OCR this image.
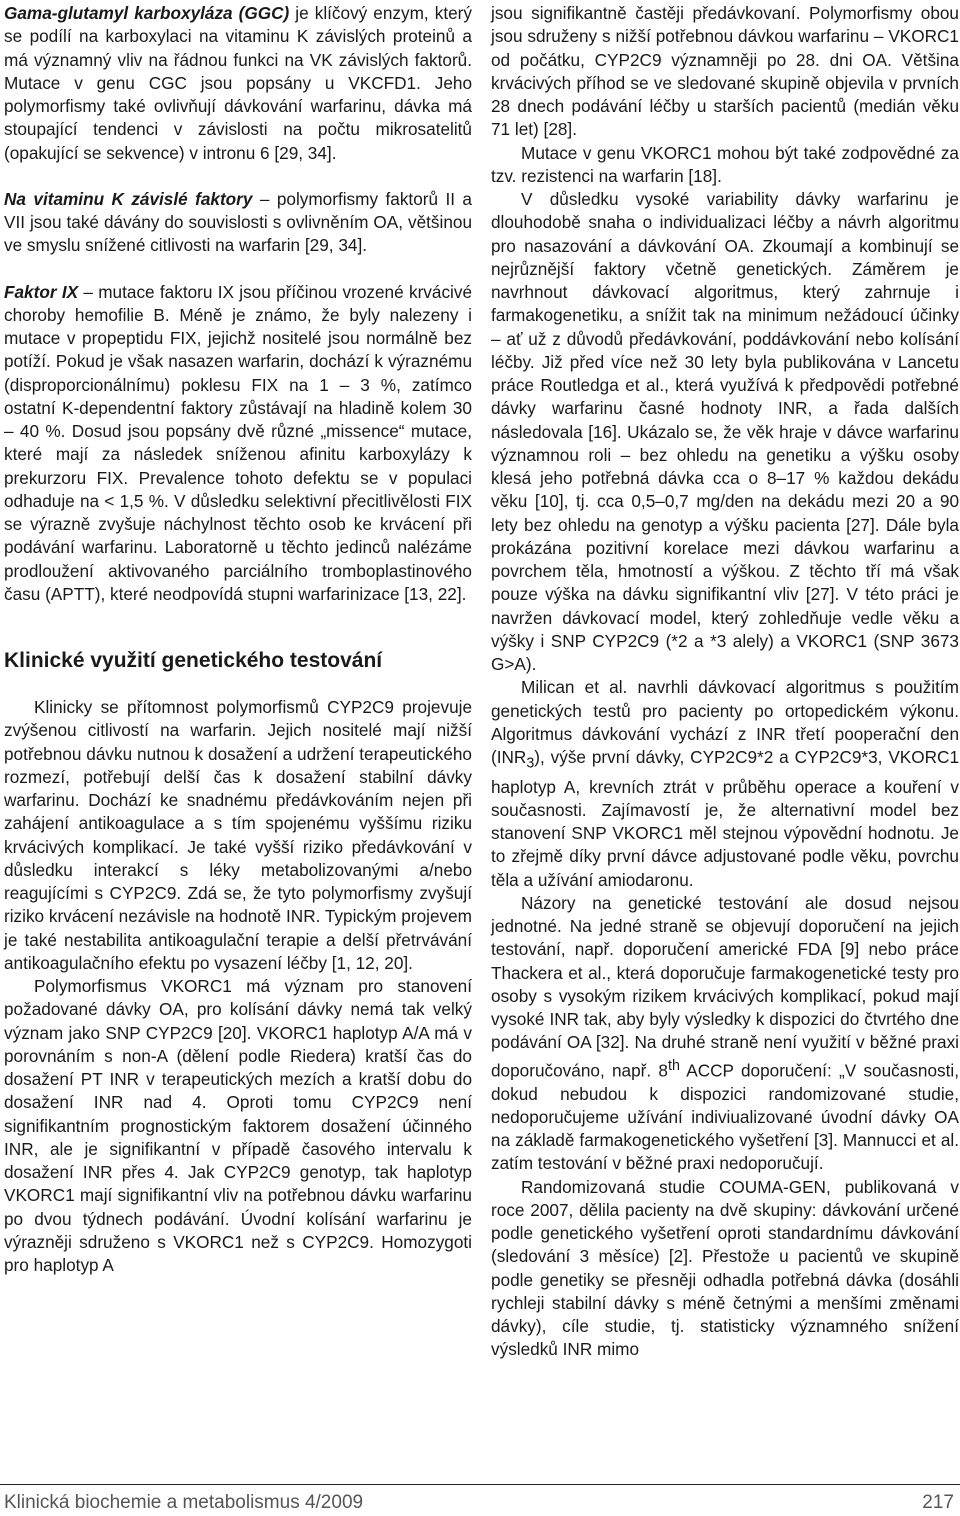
Gama-glutamyl karboxyláza (GGC) je klíčový enzym, který se podílí na karboxylaci na vitaminu K závislých proteinů a má významný vliv na řádnou funkci na VK závislých faktorů. Mutace v genu CGC jsou popsány u VKCFD1. Jeho polymorfismy také ovlivňují dávkování warfarinu, dávka má stoupající tendenci v závislosti na počtu mikrosatelitů (opakující se sekvence) v intronu 6 [29, 34].

Na vitaminu K závislé faktory – polymorfismy faktorů II a VII jsou také dávány do souvislosti s ovlivněním OA, většinou ve smyslu snížené citlivosti na warfarin [29, 34].

Faktor IX – mutace faktoru IX jsou příčinou vrozené krvácivé choroby hemofilie B. Méně je známo, že byly nalezeny i mutace v propeptidu FIX, jejichž nositelé jsou normálně bez potíží. Pokud je však nasazen warfarin, dochází k výraznému (disproporcionálnímu) poklesu FIX na 1 – 3 %, zatímco ostatní K-dependentní faktory zůstávají na hladině kolem 30 – 40 %. Dosud jsou popsány dvě různé „missence“ mutace, které mají za následek sníženou afinitu karboxylázy k prekurzoru FIX. Prevalence tohoto defektu se v populaci odhaduje na < 1,5 %. V důsledku selektivní přecitlivělosti FIX se výrazně zvyšuje náchylnost těchto osob ke krvácení při podávání warfarinu. Laboratorně u těchto jedinců nalézáme prodloužení aktivovaného parciálního tromboplastinového času (APTT), které neodpovídá stupni warfarinizace [13, 22].

Klinické využití genetického testování

Klinicky se přítomnost polymorfismů CYP2C9 projevuje zvýšenou citlivostí na warfarin. Jejich nositelé mají nižší potřebnou dávku nutnou k dosažení a udržení terapeutického rozmezí, potřebují delší čas k dosažení stabilní dávky warfarinu. Dochází ke snadnému předávkováním nejen při zahájení antikoagulace a s tím spojenému vyššímu riziku krvácivých komplikací. Je také vyšší riziko předávkování v důsledku interakcí s léky metabolizovanými a/nebo reagujícími s CYP2C9. Zdá se, že tyto polymorfismy zvyšují riziko krvácení nezávisle na hodnotě INR. Typickým projevem je také nestabilita antikoagulační terapie a delší přetrvávání antikoagulačního efektu po vysazení léčby [1, 12, 20].

Polymorfismus VKORC1 má význam pro stanovení požadované dávky OA, pro kolísání dávky nemá tak velký význam jako SNP CYP2C9 [20]. VKORC1 haplotyp A/A má v porovnáním s non-A (dělení podle Riedera) kratší čas do dosažení PT INR v terapeutických mezích a kratší dobu do dosažení INR nad 4. Oproti tomu CYP2C9 není signifikantním prognostickým faktorem dosažení účinného INR, ale je signifikantní v případě časového intervalu k dosažení INR přes 4. Jak CYP2C9 genotyp, tak haplotyp VKORC1 mají signifikantní vliv na potřebnou dávku warfarinu po dvou týdnech podávání. Úvodní kolísání warfarinu je výrazněji sdruženo s VKORC1 než s CYP2C9. Homozygoti pro haplotyp A

jsou signifikantně častěji předávkovaní. Polymorfismy obou jsou sdruženy s nižší potřebnou dávkou warfarinu – VKORC1 od počátku, CYP2C9 významněji po 28. dni OA. Většina krvácivých příhod se ve sledované skupině objevila v prvních 28 dnech podávání léčby u starších pacientů (medián věku 71 let) [28].

Mutace v genu VKORC1 mohou být také zodpovědné za tzv. rezistenci na warfarin [18].

V důsledku vysoké variability dávky warfarinu je dlouhodobě snaha o individualizaci léčby a návrh algoritmu pro nasazování a dávkování OA. Zkoumají a kombinují se nejrůznější faktory včetně genetických. Záměrem je navrhnout dávkovací algoritmus, který zahrnuje i farmakogenetiku, a snížit tak na minimum nežádoucí účinky – ať už z důvodů předávkování, poddávkování nebo kolísání léčby. Již před více než 30 lety byla publikována v Lancetu práce Routledga et al., která využívá k předpovědi potřebné dávky warfarinu časné hodnoty INR, a řada dalších následovala [16]. Ukázalo se, že věk hraje v dávce warfarinu významnou roli – bez ohledu na genetiku a výšku osoby klesá jeho potřebná dávka cca o 8–17 % každou dekádu věku [10], tj. cca 0,5–0,7 mg/den na dekádu mezi 20 a 90 lety bez ohledu na genotyp a výšku pacienta [27]. Dále byla prokázána pozitivní korelace mezi dávkou warfarinu a povrchem těla, hmotností a výškou. Z těchto tří má však pouze výška na dávku signifikantní vliv [27]. V této práci je navržen dávkovací model, který zohledňuje vedle věku a výšky i SNP CYP2C9 (*2 a *3 alely) a VKORC1 (SNP 3673 G>A).

Milican et al. navrhli dávkovací algoritmus s použitím genetických testů pro pacienty po ortopedickém výkonu. Algoritmus dávkování vychází z INR třetí pooperační den $(INR_3)$, výše první dávky, CYP2C9*2 a CYP2C9*3, VKORC1 haplotyp A, krevních ztrát v průběhu operace a kouření v současnosti. Zajímavostí je, že alternativní model bez stanovení SNP VKORC1 měl stejnou výpovědní hodnotu. Je to zřejmě díky první dávce adjustované podle věku, povrchu těla a užívání amiodaronu.

Názory na genetické testování ale dosud nejsou jednotné. Na jedné straně se objevují doporučení na jejich testování, např. doporučení americké FDA [9] nebo práce Thackera et al., která doporučuje farmakogenetické testy pro osoby s vysokým rizikem krvácivých komplikací, pokud mají vysoké INR tak, aby byly výsledky k dispozici do čtvrtého dne podávání OA [32]. Na druhé straně není využití v běžné praxi doporučováno, např. 8th ACCP doporučení: „V současnosti, dokud nebudou k dispozici randomizované studie, nedoporučujeme užívání indiviualizované úvodní dávky OA na základě farmakogenetického vyšetření [3]. Mannucci et al. zatím testování v běžné praxi nedoporučují.

Randomizovaná studie COUMA-GEN, publikovaná v roce 2007, dělila pacienty na dvě skupiny: dávkování určené podle genetického vyšetření oproti standardnímu dávkování (sledování 3 měsíce) [2]. Přestože u pacientů ve skupině podle genetiky se přesněji odhadla potřebná dávka (dosáhli rychleji stabilní dávky s méně četnými a menšími změnami dávky), cíle studie, tj. statisticky významného snížení výsledků INR mimo

Klinická biochemie a metabolismus 4/2009	217
